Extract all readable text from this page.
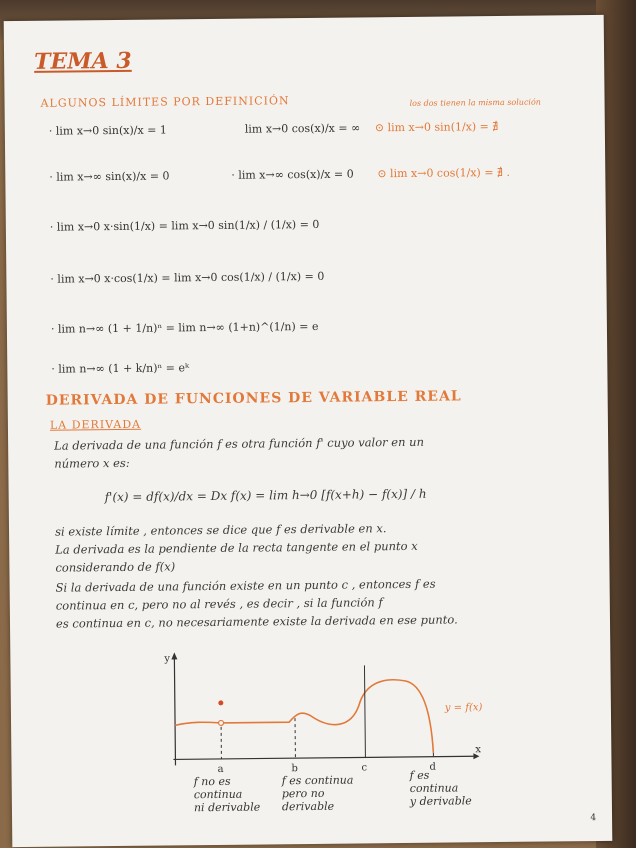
TEMA 3
ALGUNOS LÍMITES POR DEFINICIÓN	los dos tienen la misma solución
· lim x→0 sin(x)/x = 1	lim x→0 cos(x)/x = ∞ ⊙ lim x→0 sin(1/x) = ∄
· lim x→∞ sin(x)/x = 0	· lim x→∞ cos(x)/x = 0 ⊙ lim x→0 cos(1/x) = ∄ .
· lim x→0 x·sin(1/x) = lim x→0 sin(1/x) / (1/x) = 0
· lim x→0 x·cos(1/x) = lim x→0 cos(1/x) / (1/x) = 0
· lim n→∞ (1 + 1/n)ⁿ = lim n→∞ (1+n)^(1/n) = e
· lim n→∞ (1 + k/n)ⁿ = eᵏ
DERIVADA DE FUNCIONES DE VARIABLE REAL
LA DERIVADA
La derivada de una función f es otra función f' cuyo valor en un
número x es:
f'(x) = df(x)/dx = Dx f(x) = lim h→0 [f(x+h) − f(x)] / h
si existe límite , entonces se dice que f es derivable en x.
La derivada es la pendiente de la recta tangente en el punto x
considerando de f(x)
Si la derivada de una función existe en un punto c , entonces f es
continua en c, pero no al revés , es decir , si la función f
es continua en c, no necesariamente existe la derivada en ese punto.
y
x
a	b	c	d
y = f(x)
f no es
continua
ni derivable
f es continua
pero no
derivable
f es
continua
y derivable
4
